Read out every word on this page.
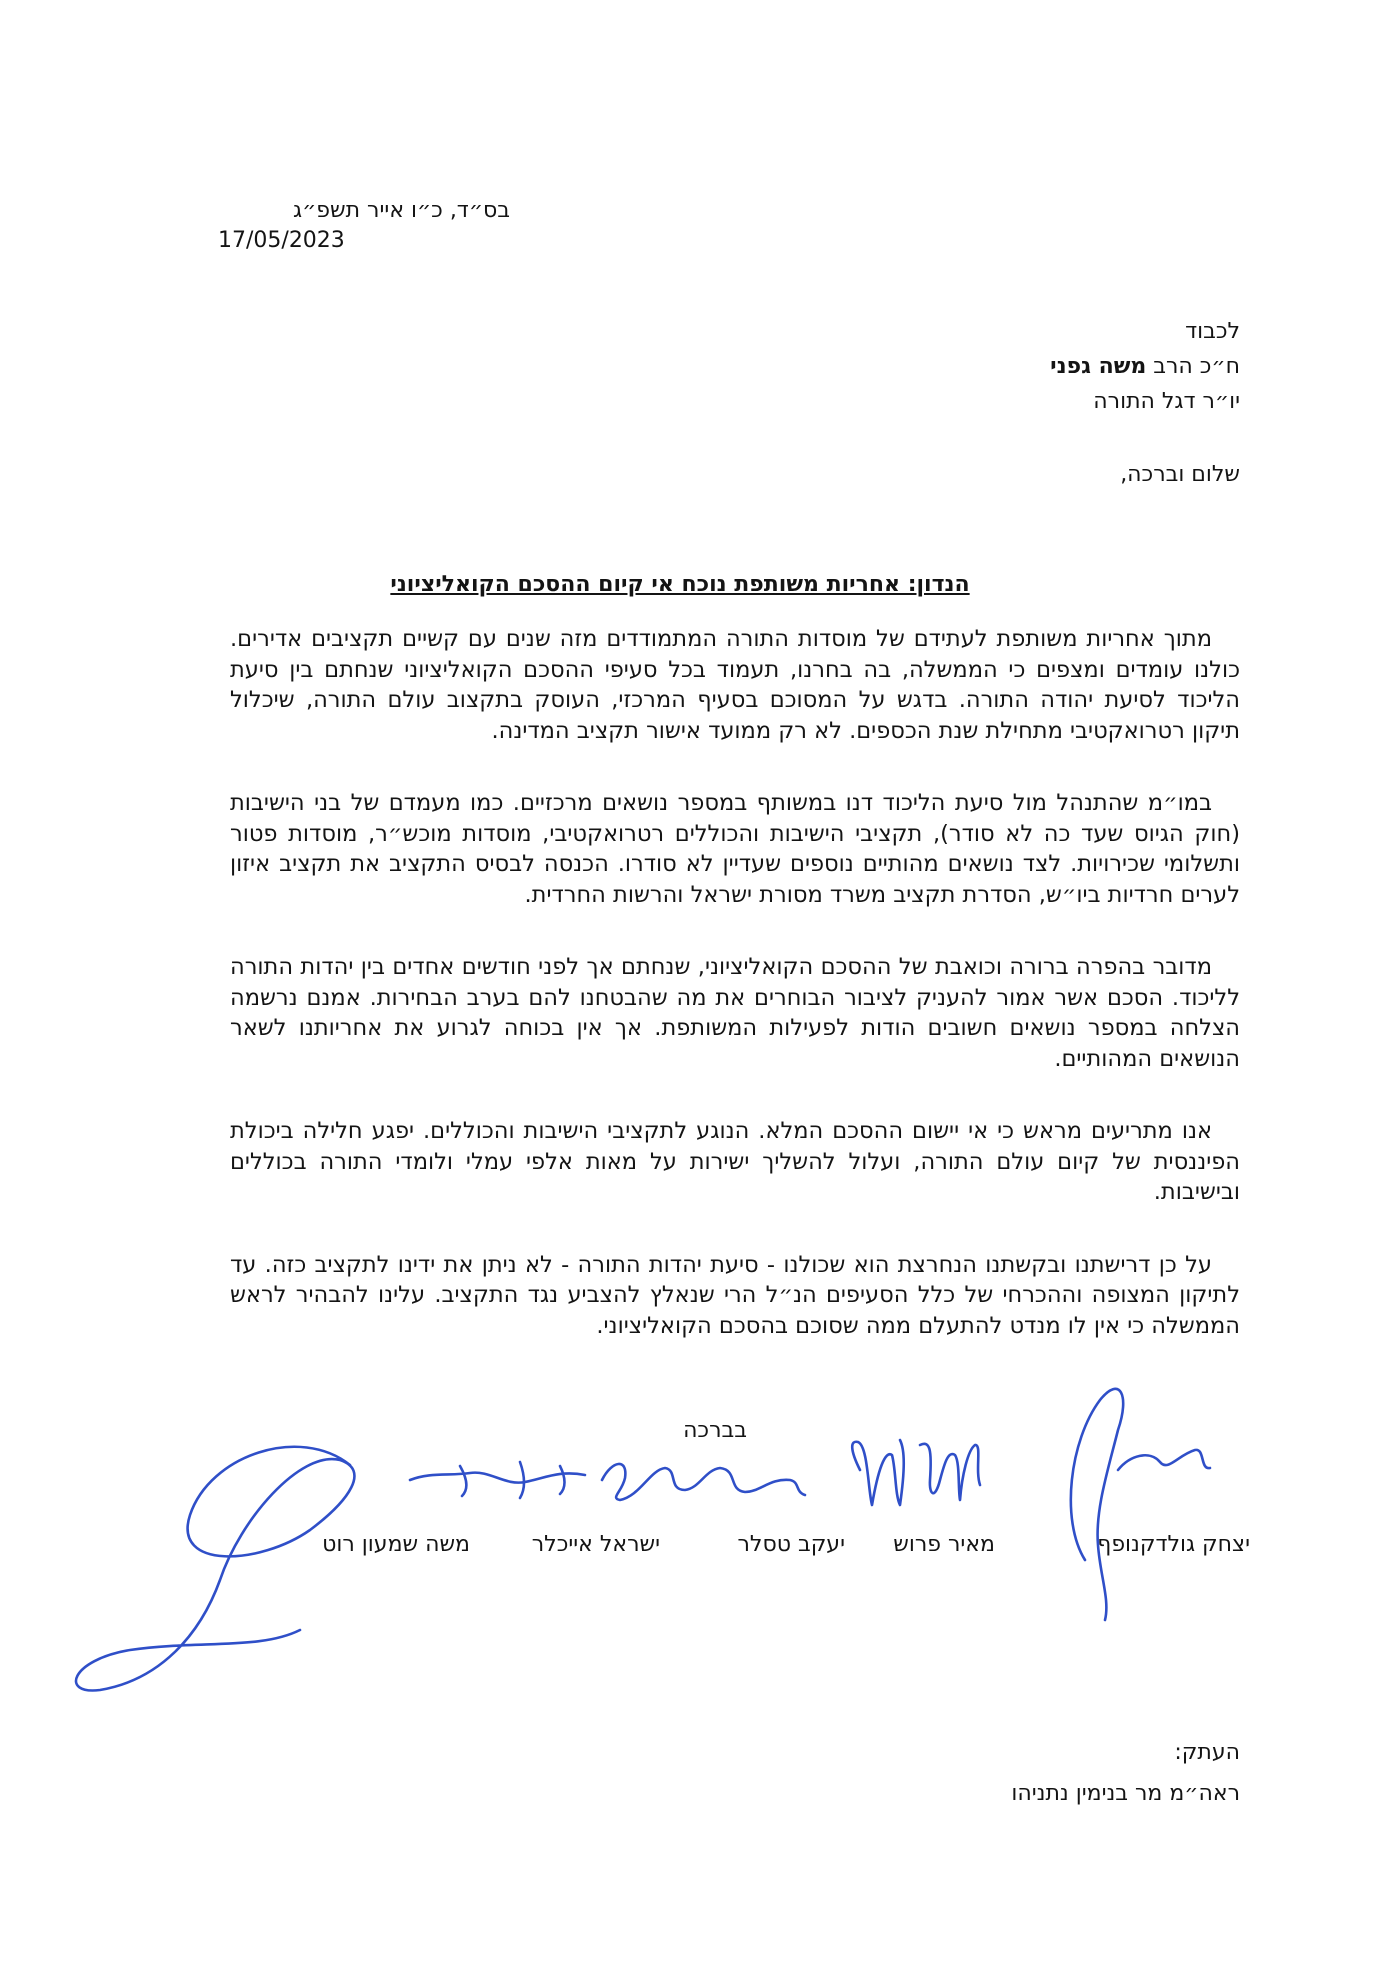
בס״ד, כ״ו אייר תשפ״ג
17/05/2023
לכבוד
ח״כ הרב משה גפני
יו״ר דגל התורה
שלום וברכה,
הנדון: אחריות משותפת נוכח אי קיום ההסכם הקואליציוני

מתוך אחריות משותפת לעתידם של מוסדות התורה המתמודדים מזה שנים עם קשיים תקציבים אדירים. כולנו עומדים ומצפים כי הממשלה, בה בחרנו, תעמוד בכל סעיפי ההסכם הקואליציוני שנחתם בין סיעת הליכוד לסיעת יהודה התורה. בדגש על המסוכם בסעיף המרכזי, העוסק בתקצוב עולם התורה, שיכלול תיקון רטרואקטיבי מתחילת שנת הכספים. לא רק ממועד אישור תקציב המדינה.

במו״מ שהתנהל מול סיעת הליכוד דנו במשותף במספר נושאים מרכזיים. כמו מעמדם של בני הישיבות (חוק הגיוס שעד כה לא סודר), תקציבי הישיבות והכוללים רטרואקטיבי, מוסדות מוכש״ר, מוסדות פטור ותשלומי שכירויות. לצד נושאים מהותיים נוספים שעדיין לא סודרו. הכנסה לבסיס התקציב את תקציב איזון לערים חרדיות ביו״ש, הסדרת תקציב משרד מסורת ישראל והרשות החרדית.

מדובר בהפרה ברורה וכואבת של ההסכם הקואליציוני, שנחתם אך לפני חודשים אחדים בין יהדות התורה לליכוד. הסכם אשר אמור להעניק לציבור הבוחרים את מה שהבטחנו להם בערב הבחירות. אמנם נרשמה הצלחה במספר נושאים חשובים הודות לפעילות המשותפת. אך אין בכוחה לגרוע את אחריותנו לשאר הנושאים המהותיים.

אנו מתריעים מראש כי אי יישום ההסכם המלא. הנוגע לתקציבי הישיבות והכוללים. יפגע חלילה ביכולת הפיננסית של קיום עולם התורה, ועלול להשליך ישירות על מאות אלפי עמלי ולומדי התורה בכוללים ובישיבות.

על כן דרישתנו ובקשתנו הנחרצת הוא שכולנו - סיעת יהדות התורה - לא ניתן את ידינו לתקציב כזה. עד לתיקון המצופה וההכרחי של כלל הסעיפים הנ״ל הרי שנאלץ להצביע נגד התקציב. עלינו להבהיר לראש הממשלה כי אין לו מנדט להתעלם ממה שסוכם בהסכם הקואליציוני.

בברכה
יצחק גולדקנופף
מאיר פרוש
יעקב טסלר
ישראל אייכלר
משה שמעון רוט
העתק:
ראה״מ מר בנימין נתניהו
